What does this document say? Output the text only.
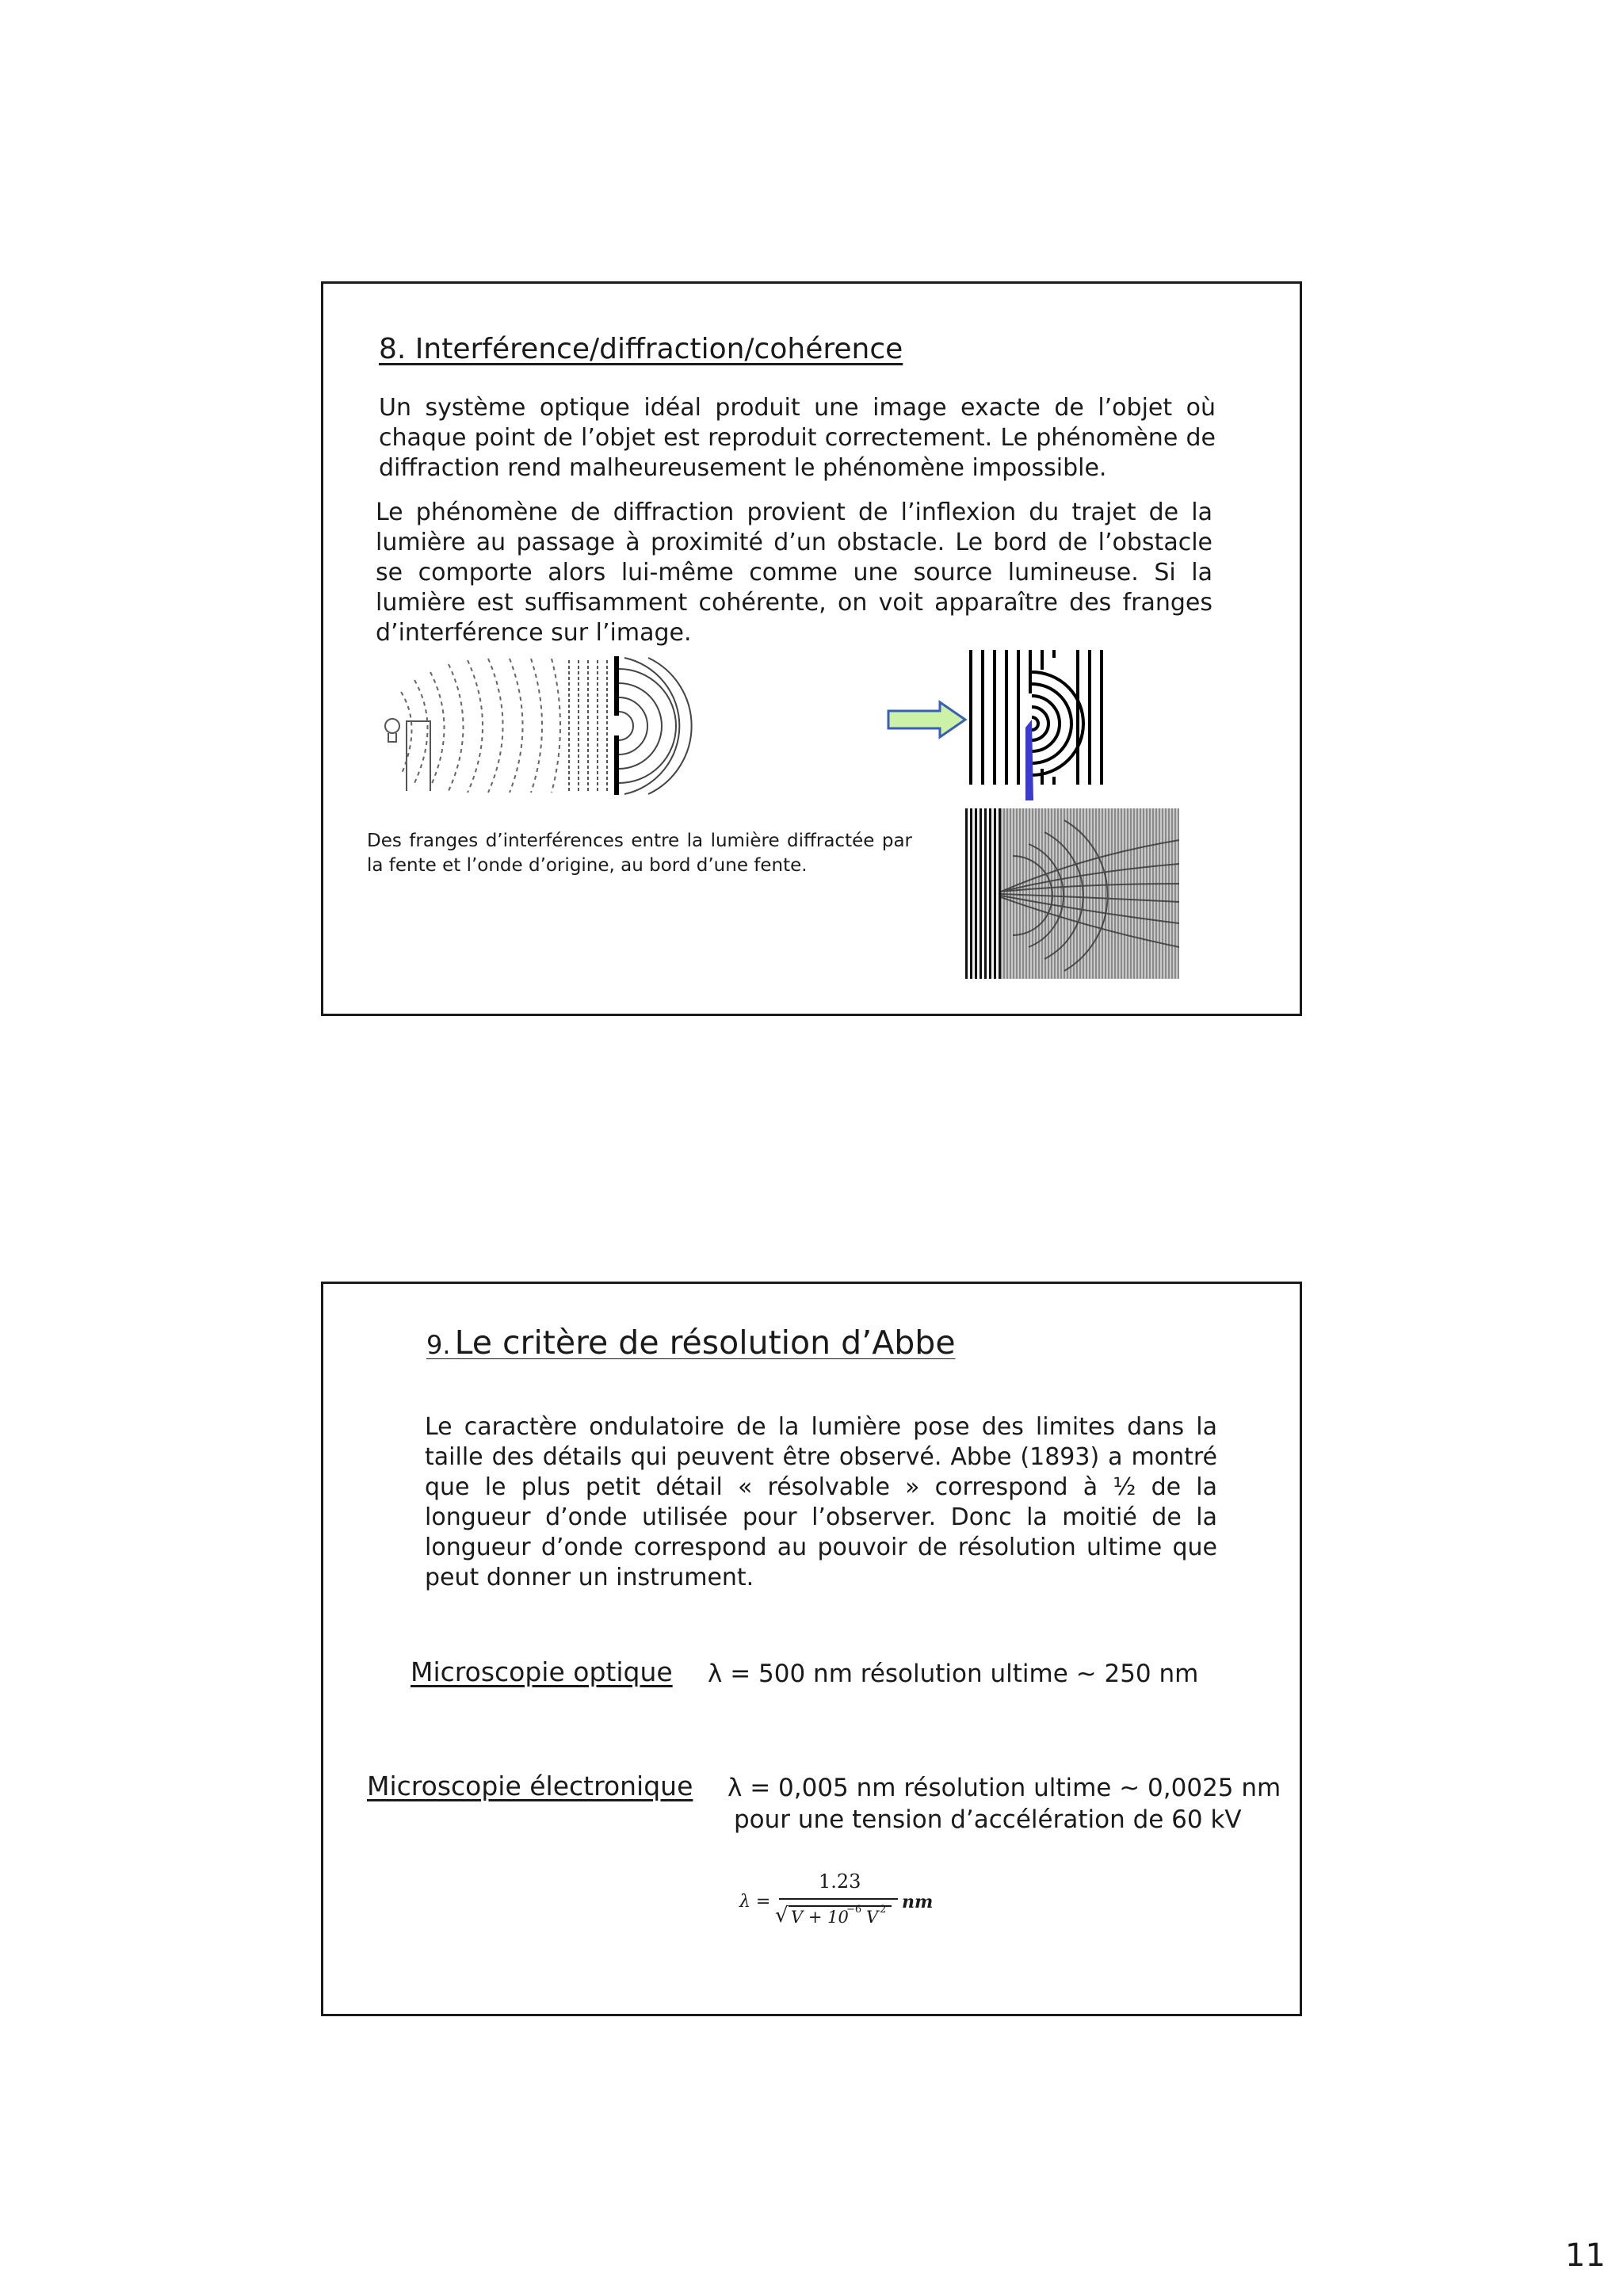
8. Interférence/diffraction/cohérence

Un système optique idéal produit une image exacte de l’objet où chaque point de l’objet est reproduit correctement. Le phénomène de diffraction rend malheureusement le phénomène impossible.

Le phénomène de diffraction provient de l’inflexion du trajet de la lumière au passage à proximité d’un obstacle. Le bord de l’obstacle se comporte alors lui-même comme une source lumineuse. Si la lumière est suffisamment cohérente, on voit apparaître des franges d’interférence sur l’image.

Des franges d’interférences entre la lumière diffractée par la fente et l’onde d’origine, au bord d’une fente.

9. Le critère de résolution d’Abbe

Le caractère ondulatoire de la lumière pose des limites dans la taille des détails qui peuvent être observé. Abbe (1893) a montré que le plus petit détail « résolvable » correspond à ½ de la longueur d’onde utilisée pour l’observer. Donc la moitié de la longueur d’onde correspond au pouvoir de résolution ultime que peut donner un instrument.

Microscopie optique λ = 500 nm résolution ultime ~ 250 nm
Microscopie électronique λ = 0,005 nm résolution ultime ~ 0,0025 nm
pour une tension d’accélération de 60 kV
λ =
1.23
√ V + 10
−6 V 2 nm
11
